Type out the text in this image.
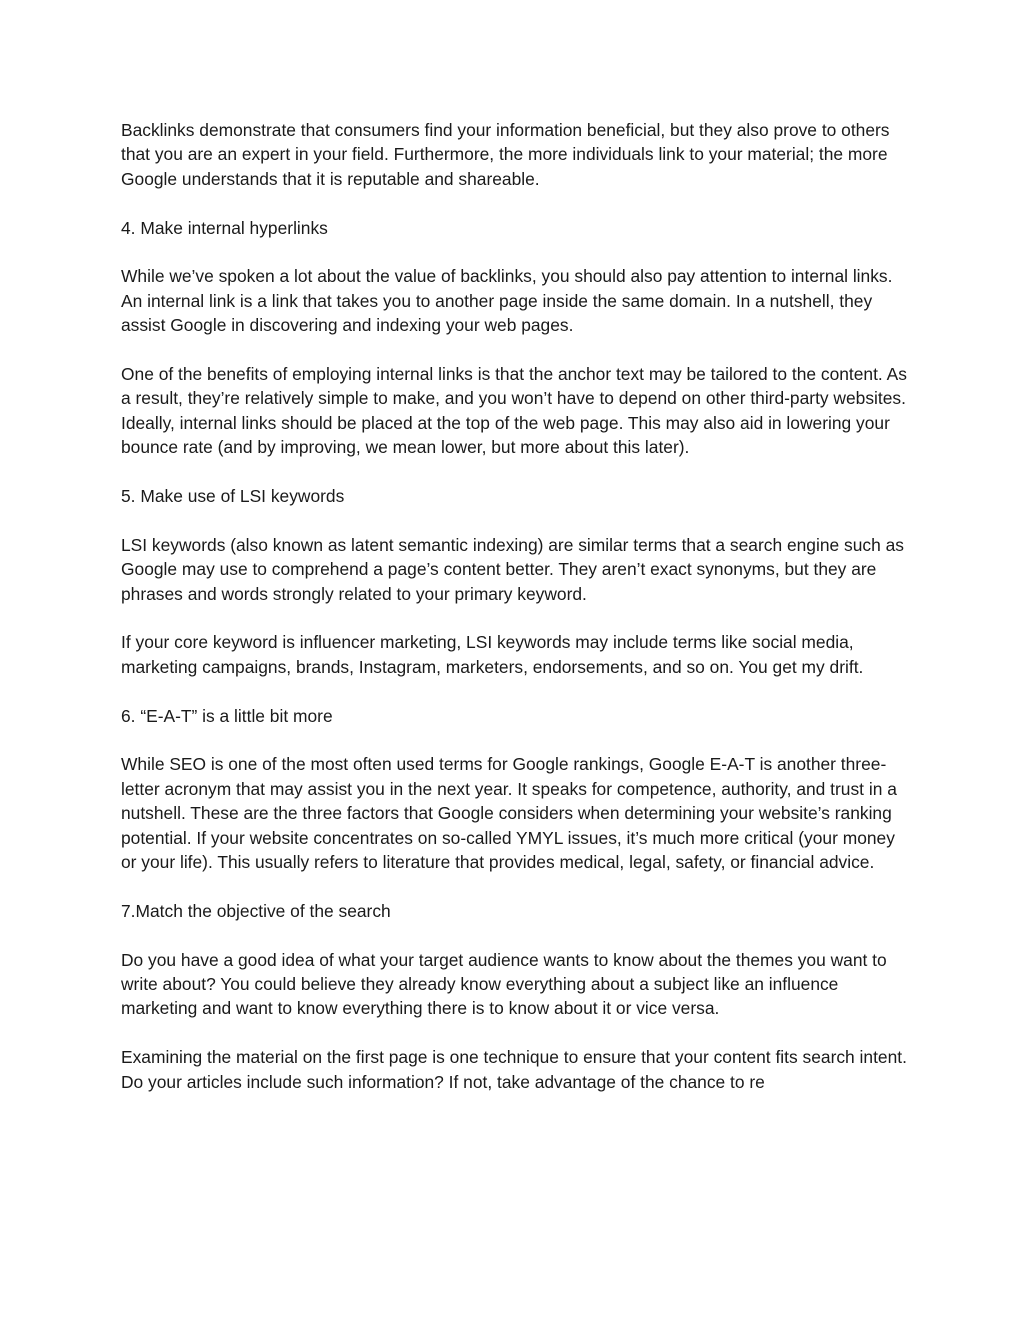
Backlinks demonstrate that consumers find your information beneficial, but they also prove to others that you are an expert in your field. Furthermore, the more individuals link to your material; the more Google understands that it is reputable and shareable.

4. Make internal hyperlinks

While we’ve spoken a lot about the value of backlinks, you should also pay attention to internal links. An internal link is a link that takes you to another page inside the same domain. In a nutshell, they assist Google in discovering and indexing your web pages.

One of the benefits of employing internal links is that the anchor text may be tailored to the content. As a result, they’re relatively simple to make, and you won’t have to depend on other third-party websites. Ideally, internal links should be placed at the top of the web page. This may also aid in lowering your bounce rate (and by improving, we mean lower, but more about this later).

5. Make use of LSI keywords

LSI keywords (also known as latent semantic indexing) are similar terms that a search engine such as Google may use to comprehend a page’s content better. They aren’t exact synonyms, but they are phrases and words strongly related to your primary keyword.

If your core keyword is influencer marketing, LSI keywords may include terms like social media, marketing campaigns, brands, Instagram, marketers, endorsements, and so on. You get my drift.

6. “E-A-T” is a little bit more

While SEO is one of the most often used terms for Google rankings, Google E-A-T is another three-letter acronym that may assist you in the next year. It speaks for competence, authority, and trust in a nutshell. These are the three factors that Google considers when determining your website’s ranking potential. If your website concentrates on so-called YMYL issues, it’s much more critical (your money or your life). This usually refers to literature that provides medical, legal, safety, or financial advice.

7.Match the objective of the search

Do you have a good idea of what your target audience wants to know about the themes you want to write about? You could believe they already know everything about a subject like an influence marketing and want to know everything there is to know about it or vice versa.

Examining the material on the first page is one technique to ensure that your content fits search intent. Do your articles include such information? If not, take advantage of the chance to re
